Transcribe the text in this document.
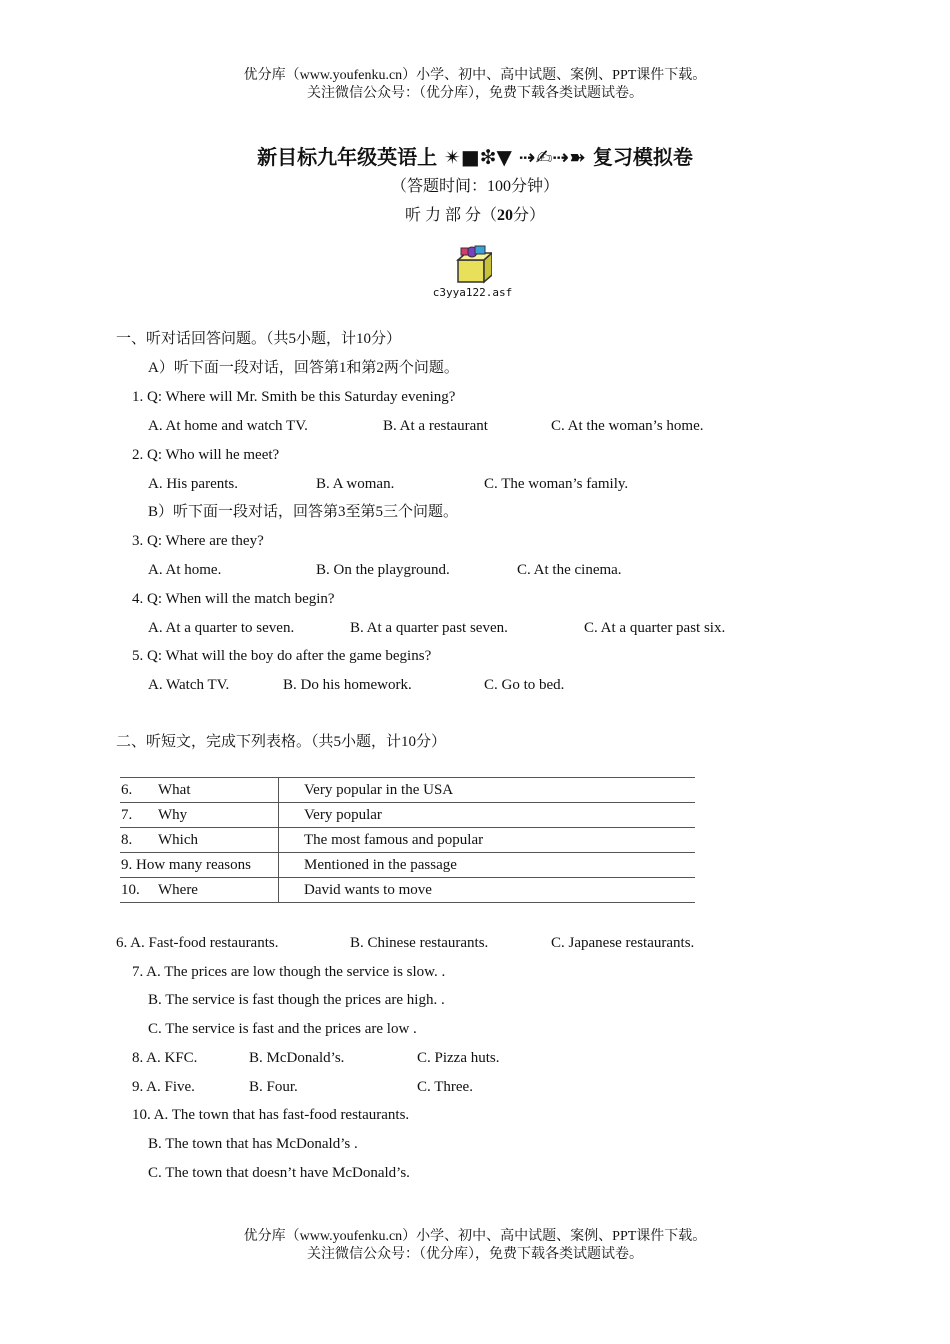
优分库（www.youfenku.cn）小学、初中、高中试题、案例、PPT课件下载。
关注微信公众号：（优分库），免费下载各类试题试卷。
新目标九年级英语上 ✴■❇▼ ⇢✍⇢➽ 复习模拟卷
（答题时间：100分钟）
听 力 部 分（20分）
c3yya122.asf
一、听对话回答问题。（共5小题，计10分）
A）听下面一段对话，回答第1和第2两个问题。
1. Q: Where will Mr. Smith be this Saturday evening?
A. At home and watch TV.	B. At a restaurant	C. At the woman’s home.
2. Q: Who will he meet?
A. His parents.	B. A woman.	C. The woman’s family.
B）听下面一段对话，回答第3至第5三个问题。
3. Q: Where are they?
A. At home.	B. On the playground.	C. At the cinema.
4. Q: When will the match begin?
A. At a quarter to seven.	B. At a quarter past seven.	C. At a quarter past six.
5. Q: What will the boy do after the game begins?
A. Watch TV.	B. Do his homework.	C. Go to bed.
二、听短文，完成下列表格。（共5小题，计10分）
6. What	Very popular in the USA
7. Why	Very popular
8. Which	The most famous and popular
9. How many reasons	Mentioned in the passage
10. Where	David wants to move
6. A. Fast-food restaurants.	B. Chinese restaurants.	C. Japanese restaurants.
7. A. The prices are low though the service is slow. .
B. The service is fast though the prices are high. .
C. The service is fast and the prices are low .
8. A. KFC.	B. McDonald’s.	C. Pizza huts.
9. A. Five.	B. Four.	C. Three.
10. A. The town that has fast-food restaurants.
B. The town that has McDonald’s .
C. The town that doesn’t have McDonald’s.
优分库（www.youfenku.cn）小学、初中、高中试题、案例、PPT课件下载。
关注微信公众号：（优分库），免费下载各类试题试卷。
